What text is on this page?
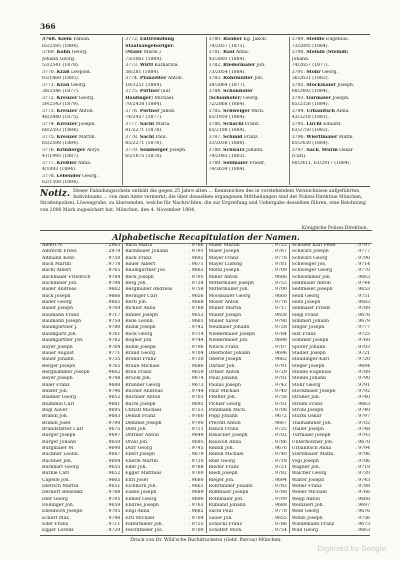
366
3768. Klein Fabian.
65/2595 (1884).
3769. Kohn Georg.
Johann Georg.
53/2541 (1878).
3770. Kräß Leopold.
65/1868 (1885).
3771. Kran Georg.
38/2546 (1877).
3772. Kreuzer Georg.
59/2543 (1879).
3773. Kreuzer Anton.
46/2440 (1875).
3774. Kreuzer Joseph.
68/2593 (1884).
3775. Kreuzer Martin.
65/2598 (1884).
3776. Krinberger Aloys.
41/1995 (1887).
3777. Kreßler Anna.
4/1893 (1884).
3778. Lebender Georg.
62/1508 (1884).
3772. Entfremdung
Staatsangehöriger.
(Maier Marie.)
73/3061 (1884).
3773. Wirtl Katharina.
38/281 (1884).
3774. Pfanzelter Anton.
18/3251 (1884).
3775. Portner (auf
Haufinger) Michael.
70/2438 (1884).
3776. Portner Jakob.
74/2457 (1877).
3777. Sachl Maria.
81/2271 (1878).
3778. Sachl Paul.
85/2271 (1878).
3779. Semberger Joseph.
65/1875 (1878).
3780. Rauber Kg. Jakob.
74/2057 (1871).
3781. Rasl Anna.
43/3801 (1884).
3782. Riedermaier Joh.
73/2054 (1884).
3783. Rohrmüller Joh.
38/3064 (1877).
3784. Schönhofer
(Schönhofer) Georg.
72/2868 (1884).
3785. Schweiger Mich.
65/1959 (1884).
3786. Schachl Franz.
65/2188 (1884).
3787. Schmid Franz.
33/2038 (1880).
3788. Schwarz Johann.
74/2083 (1883).
3789. Sellmaier Friedr.
74/3659 (1884).
3789. Steidle Eugenius.
73/2895 (1884).
3790. Steinbl (Steindl)
Johann.
74/2657 (1877).
3791. Stöhr Georg.
36/2631 (1882).
3792. Stockmaier Joseph.
68/2493 (1884).
3793. Gurmaier Joseph.
65/2358 (1884).
3794. Urbanitsch Anna.
43/3218 (1881).
3795. Lirchl Eduard.
63/2750 (1882).
3796. Wiertlmaier Mathi.
65/2430 (1884).
3797. Sach, Sturm Oskar
(Carl).
60/2411, 63/2917 (1884).
Notiz. Dieser Fahndungsschein enthält die gegen 25 Jahre alten ... Kennzeichen des in vorstehendem Verzeichnisse aufgeführten Individuums ... von dem Amte vermerkt; die über denselben ergangenen Mittheilungen sind der Polizei-Direktion München, Straßenpolizei, Löwengrube, zu übersenden, welche für Nachrichten, die zur Ergreifung und Uebergabe desselben führen, eine Belohnung von 2000 Mark zugesichert hat. München, den 4. November 1884.
Königliche Polizei-Direktion.
Alphabetische Recapitulation der Namen.
Albert N.	. 2963
Albrecht Fried.	. 2979
Altmann Konr.	. 9750
Bach Martin	. 9778
Bachl Albert	. 9765
Bachmaier Friedrich	. 9784
Bachmeier Joh.	. 9798
Bader Andreas	. 9662
Bäck Joseph	. 9666
Bader Georg	. 9665
Bauer Joseph	. 9704
Baumann Franz	. 9717
Baumann Joseph	. 9754
Baumgartner J.	. 9780
Baumgärtl Joh.	. 9761
Baumgärtner Joh.	. 9782
Bayer Joseph	. 9764
Bauer August	. 9771
Bauer Johann	. 9735
Berger Joseph	. 9765
Berghammer Joseph	. 9662
Beyer Joseph	. 9748
Biller Franz	. 9680
Binder Joh.	. 9796
Blaimer Georg	. 9652
Blümmel Carl	. 9681
Bögl Xaver	. 9695
Brandl Joh.	. 9683
Brandl Josef	. 9790
Brandstätter Carl	. 9675
Burger Joseph	. 9697
Burger Johann	. 9650
Burgmaier M.	. 9640
Buchner Leonh.	. 9687
Buchner Joh.	. 9684
Burkhart Georg	. 9655
Bürkle Carl	. 9652
Capelle Joh.	. 9665
Dietrich Martin	. 9651
Deckert Benedikt	. 9788
Dier Georg	. 9795
Dollinger Joh.	. 9659
Ebenhöch Joseph	. 9705
Eckert Max	. 9740
Eder Franz	. 9711
Egger Lorenz	. 9729
Bach Maria	. 9766
Bachmaier Johann	. 9791
Bäck Franz	. 9692
Bauer Albert	. 9671
Baumgärtner Jos.	. 9662
Beck Joseph	. 9795
Berg Joh.	. 9734
Bergmüller Andreas	. 9758
Beringer Carl	. 9656
Bertl Joh.	. 9668
Bichler Anna	. 9768
Binder Joseph	. 9653
Bisle Leonh.	. 9665
Blank Joseph	. 9742
Bock Georg	. 9714
Bogner Joh.	. 9744
Böhm Joseph	. 9796
Brand Georg	. 9704
Brandl Franz	. 9730
Braun Michael	. 9686
Breu Franz	. 9659
Brückl Joh.	. 9674
Brunner Georg	. 9673
Bucher Andreas	. 9744
Buchner Anton	. 9703
Büchl Joseph	. 9692
Christl Michael	. 9753
Deindl Franz	. 9760
Demmel Joseph	. 9790
Dietl Joh.	. 9711
Dorfner Anton	. 9649
Dräxl Joh.	. 9685
Dürr Georg	. 9745
Eberl Joseph	. 9679
Eberle Martin	. 9720
Eder Joh.	. 9788
Egger Matthias	. 9769
Ehrl Josef	. 9680
Eichhorn Joh.	. 9661
Eisele Joseph	. 9689
Ellmer Georg	. 9696
Endres Joseph	. 9763
Engl Anna	. 9682
Ertl Michael	. 9704
Faltermeier Joh.	. 9755
Feichtmeier Jos.	. 9700
Maier Martin	. 9722
Maier Joseph	. 9767
Mayer Franz	. 9778
Mayer Ludwig	. 9781
Merkl Joseph	. 9709
Miller Anton	. 9686
Mittermaier Joseph	. 9753
Mittermüller Joh.	. 9700
Moosbauer Georg	. 9660
Moser Anton	. 9776
Müller Martin	. 9717
Müller Joseph	. 9658
Müller Xaver	. 9790
Neumaier Johann	. 9728
Niedermaier Joseph	. 9784
Niedermeier Joh.	. 9698
Nitsch Franz	. 9707
Oberhofer Johann	. 9696
Oberle Joseph	. 9662
Ohrner Joh.	. 9791
Ortner Anton	. 9729
Pauli Johann	. 9701
Paulus Joseph	. 9742
Paur Michael	. 9740
Pfeiffer Joh.	. 9758
Pichler Georg	. 9701
Pöhlmann Mich.	. 9708
Popp Johann	. 9672
Prechtl Anton	. 9667
Rauch Franz	. 9735
Rauscher Joseph	. 9702
Rauwolf Anna	. 9786
Reindl Joh.	. 9676
Reindl Michael	. 9740
Reiß Georg	. 9718
Rieder Franz	. 9721
Riedl Joseph	. 9782
Rieger Joh.	. 9694
Rohrmüller Johann	. 9783
Roßmaier Joseph	. 9788
Rothmaier Joh.	. 9709
Ruhland Johann	. 9688
Sachl Paul	. 9778
Sauer Joh.	. 9655
Schachl Franz	. 9786
Schäffer Mich.	. 9754
Schöber Karl Peter	. 9797
Schwarz Joseph	. 9777
Schwarz Georg	. 9790
Schweiger Jos.	. 9714
Schweiger Georg	. 9770
Schwemmer Joh.	. 9663
Sedlmaier Anton	. 9744
Sedlmeier Joseph	. 9653
Seidl Georg	. 9751
Seitz Joseph	. 9683
Sellmaier Friedr.	. 9789
Siegl Franz	. 9676
Simmerl Johann	. 9679
Singer Joseph	. 9777
Sixt Franz	. 9725
Sommer Joseph	. 9760
Spörer Johann	. 9703
Stadler Joseph	. 9721
Staudinger Karl	. 9720
Steger Joseph	. 9694
Steidle Eugenius	. 9789
Steinbl Johann	. 9790
Stöhr Georg	. 9791
Stockmaier Joseph	. 9792
Straßer Joh.	. 9740
Streibl Franz	. 9663
Strobl Joseph	. 9740
Sturm Oskar	. 9797
Thalhammer Joh.	. 9702
Thaler Joseph	. 9748
Turmaier Joseph	. 9793
Unterholzner Joh.	. 9670
Urbanitsch Anna	. 9794
Viertlmaier Mathi.	. 9796
Vogl Joseph	. 9786
Wagner Joh.	. 9719
Walcher Georg	. 9720
Walter Joseph	. 9743
Weber Franz	. 9788
Weber Michael	. 9766
Weigl Anton	. 9660
Weinzierl Joh.	. 9697
Weiß Georg	. 9676
Wenzl Joseph	. 9756
Wiedemann Franz	. 9673
Wild Georg	. 9663
Druck von Dr. Wild'sche Buchdruckerei (Gebr. Parcus) München.
Digitized by Google
